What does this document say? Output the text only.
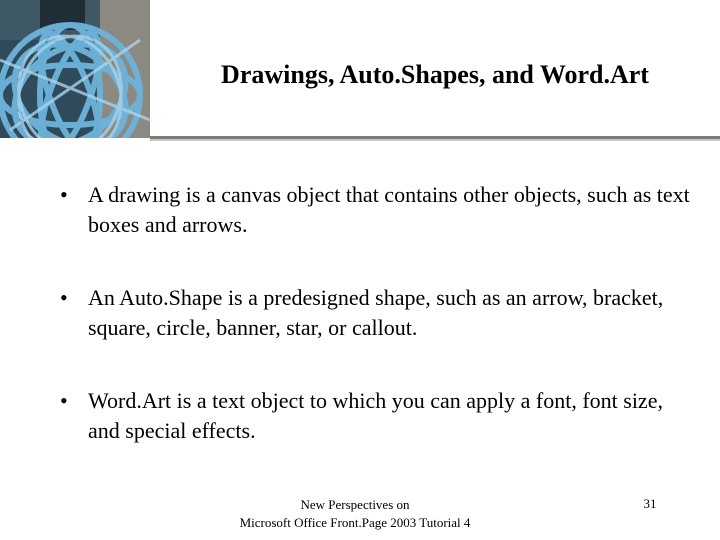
Drawings, Auto.Shapes, and Word.Art
• A drawing is a canvas object that contains other objects, such as text boxes and arrows.
• An Auto.Shape is a predesigned shape, such as an arrow, bracket, square, circle, banner, star, or callout.
• Word.Art is a text object to which you can apply a font, font size, and special effects.
New Perspectives on
Microsoft Office Front.Page 2003 Tutorial 4
31
